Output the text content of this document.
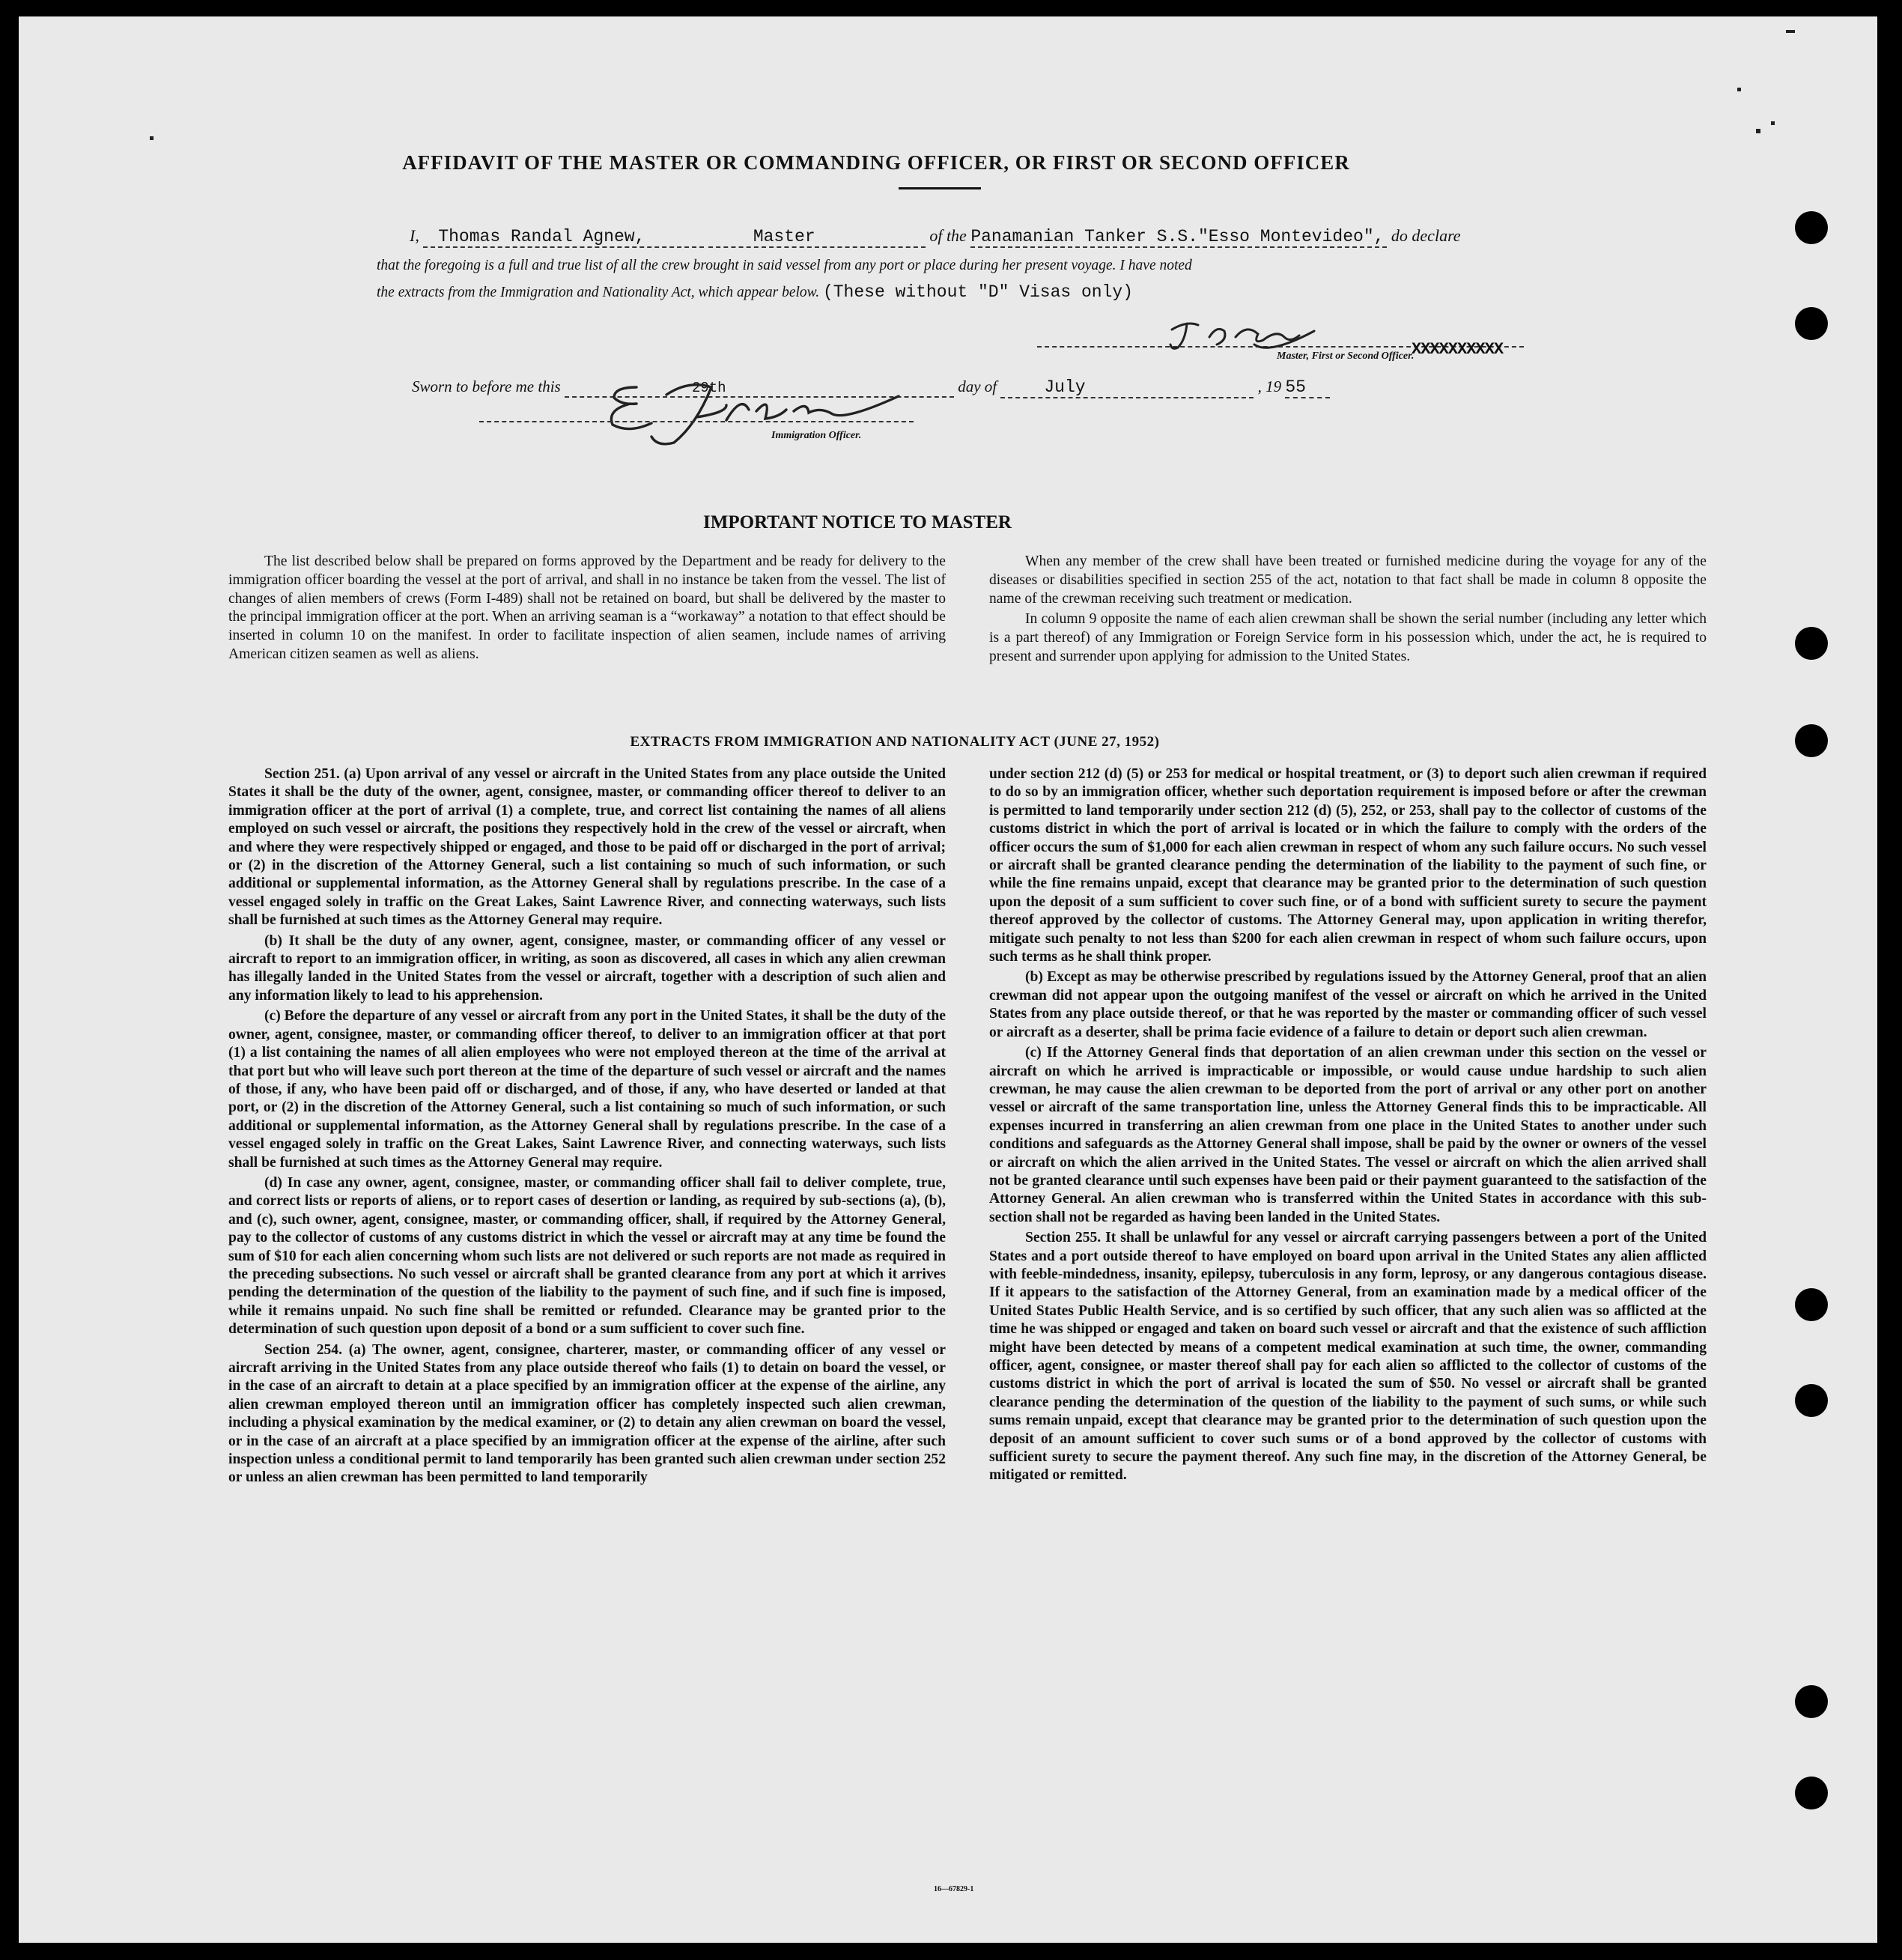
AFFIDAVIT OF THE MASTER OR COMMANDING OFFICER, OR FIRST OR SECOND OFFICER
I, Thomas Randal Agnew,	Master	of the Panamanian Tanker S.S."Esso Montevideo", do declare
that the foregoing is a full and true list of all the crew brought in said vessel from any port or place during her present voyage. I have noted
the extracts from the Immigration and Nationality Act, which appear below. (These without "D" Visas only)
Master, First or Second Officer.
XXXXXXXXXX
Sworn to before me this	29th	day of	July	, 19 55
Immigration Officer.
IMPORTANT NOTICE TO MASTER

The list described below shall be prepared on forms approved by the Department and be ready for delivery to the immigration officer boarding the vessel at the port of arrival, and shall in no instance be taken from the vessel. The list of changes of alien members of crews (Form I-489) shall not be retained on board, but shall be delivered by the master to the principal immigration officer at the port. When an arriving seaman is a “workaway” a notation to that effect should be inserted in column 10 on the manifest. In order to facilitate inspection of alien seamen, include names of arriving American citizen seamen as well as aliens.

When any member of the crew shall have been treated or furnished medicine during the voyage for any of the diseases or disabilities specified in section 255 of the act, notation to that fact shall be made in column 8 opposite the name of the crewman receiving such treatment or medication.

In column 9 opposite the name of each alien crewman shall be shown the serial number (including any letter which is a part thereof) of any Immigration or Foreign Service form in his possession which, under the act, he is required to present and surrender upon applying for admission to the United States.

EXTRACTS FROM IMMIGRATION AND NATIONALITY ACT (JUNE 27, 1952)

Section 251. (a) Upon arrival of any vessel or aircraft in the United States from any place outside the United States it shall be the duty of the owner, agent, consignee, master, or commanding officer thereof to deliver to an immigration officer at the port of arrival (1) a complete, true, and correct list containing the names of all aliens employed on such vessel or aircraft, the positions they respectively hold in the crew of the vessel or aircraft, when and where they were respectively shipped or engaged, and those to be paid off or discharged in the port of arrival; or (2) in the discretion of the Attorney General, such a list containing so much of such information, or such additional or supplemental information, as the Attorney General shall by regulations prescribe. In the case of a vessel engaged solely in traffic on the Great Lakes, Saint Lawrence River, and connecting waterways, such lists shall be furnished at such times as the Attorney General may require.

(b) It shall be the duty of any owner, agent, consignee, master, or commanding officer of any vessel or aircraft to report to an immigration officer, in writing, as soon as discovered, all cases in which any alien crewman has illegally landed in the United States from the vessel or aircraft, together with a description of such alien and any information likely to lead to his apprehension.

(c) Before the departure of any vessel or aircraft from any port in the United States, it shall be the duty of the owner, agent, consignee, master, or commanding officer thereof, to deliver to an immigration officer at that port (1) a list containing the names of all alien employees who were not employed thereon at the time of the arrival at that port but who will leave such port thereon at the time of the departure of such vessel or aircraft and the names of those, if any, who have been paid off or discharged, and of those, if any, who have deserted or landed at that port, or (2) in the discretion of the Attorney General, such a list containing so much of such information, or such additional or supplemental information, as the Attorney General shall by regulations prescribe. In the case of a vessel engaged solely in traffic on the Great Lakes, Saint Lawrence River, and connecting waterways, such lists shall be furnished at such times as the Attorney General may require.

(d) In case any owner, agent, consignee, master, or commanding officer shall fail to deliver complete, true, and correct lists or reports of aliens, or to report cases of desertion or landing, as required by sub-sections (a), (b), and (c), such owner, agent, consignee, master, or commanding officer, shall, if required by the Attorney General, pay to the collector of customs of any customs district in which the vessel or aircraft may at any time be found the sum of $10 for each alien concerning whom such lists are not delivered or such reports are not made as required in the preceding subsections. No such vessel or aircraft shall be granted clearance from any port at which it arrives pending the determination of the question of the liability to the payment of such fine, and if such fine is imposed, while it remains unpaid. No such fine shall be remitted or refunded. Clearance may be granted prior to the determination of such question upon deposit of a bond or a sum sufficient to cover such fine.

Section 254. (a) The owner, agent, consignee, charterer, master, or commanding officer of any vessel or aircraft arriving in the United States from any place outside thereof who fails (1) to detain on board the vessel, or in the case of an aircraft to detain at a place specified by an immigration officer at the expense of the airline, any alien crewman employed thereon until an immigration officer has completely inspected such alien crewman, including a physical examination by the medical examiner, or (2) to detain any alien crewman on board the vessel, or in the case of an aircraft at a place specified by an immigration officer at the expense of the airline, after such inspection unless a conditional permit to land temporarily has been granted such alien crewman under section 252 or unless an alien crewman has been permitted to land temporarily

under section 212 (d) (5) or 253 for medical or hospital treatment, or (3) to deport such alien crewman if required to do so by an immigration officer, whether such deportation requirement is imposed before or after the crewman is permitted to land temporarily under section 212 (d) (5), 252, or 253, shall pay to the collector of customs of the customs district in which the port of arrival is located or in which the failure to comply with the orders of the officer occurs the sum of $1,000 for each alien crewman in respect of whom any such failure occurs. No such vessel or aircraft shall be granted clearance pending the determination of the liability to the payment of such fine, or while the fine remains unpaid, except that clearance may be granted prior to the determination of such question upon the deposit of a sum sufficient to cover such fine, or of a bond with sufficient surety to secure the payment thereof approved by the collector of customs. The Attorney General may, upon application in writing therefor, mitigate such penalty to not less than $200 for each alien crewman in respect of whom such failure occurs, upon such terms as he shall think proper.

(b) Except as may be otherwise prescribed by regulations issued by the Attorney General, proof that an alien crewman did not appear upon the outgoing manifest of the vessel or aircraft on which he arrived in the United States from any place outside thereof, or that he was reported by the master or commanding officer of such vessel or aircraft as a deserter, shall be prima facie evidence of a failure to detain or deport such alien crewman.

(c) If the Attorney General finds that deportation of an alien crewman under this section on the vessel or aircraft on which he arrived is impracticable or impossible, or would cause undue hardship to such alien crewman, he may cause the alien crewman to be deported from the port of arrival or any other port on another vessel or aircraft of the same transportation line, unless the Attorney General finds this to be impracticable. All expenses incurred in transferring an alien crewman from one place in the United States to another under such conditions and safeguards as the Attorney General shall impose, shall be paid by the owner or owners of the vessel or aircraft on which the alien arrived in the United States. The vessel or aircraft on which the alien arrived shall not be granted clearance until such expenses have been paid or their payment guaranteed to the satisfaction of the Attorney General. An alien crewman who is transferred within the United States in accordance with this sub-section shall not be regarded as having been landed in the United States.

Section 255. It shall be unlawful for any vessel or aircraft carrying passengers between a port of the United States and a port outside thereof to have employed on board upon arrival in the United States any alien afflicted with feeble-mindedness, insanity, epilepsy, tuberculosis in any form, leprosy, or any dangerous contagious disease. If it appears to the satisfaction of the Attorney General, from an examination made by a medical officer of the United States Public Health Service, and is so certified by such officer, that any such alien was so afflicted at the time he was shipped or engaged and taken on board such vessel or aircraft and that the existence of such affliction might have been detected by means of a competent medical examination at such time, the owner, commanding officer, agent, consignee, or master thereof shall pay for each alien so afflicted to the collector of customs of the customs district in which the port of arrival is located the sum of $50. No vessel or aircraft shall be granted clearance pending the determination of the question of the liability to the payment of such sums, or while such sums remain unpaid, except that clearance may be granted prior to the determination of such question upon the deposit of an amount sufficient to cover such sums or of a bond approved by the collector of customs with sufficient surety to secure the payment thereof. Any such fine may, in the discretion of the Attorney General, be mitigated or remitted.

16—67829-1
